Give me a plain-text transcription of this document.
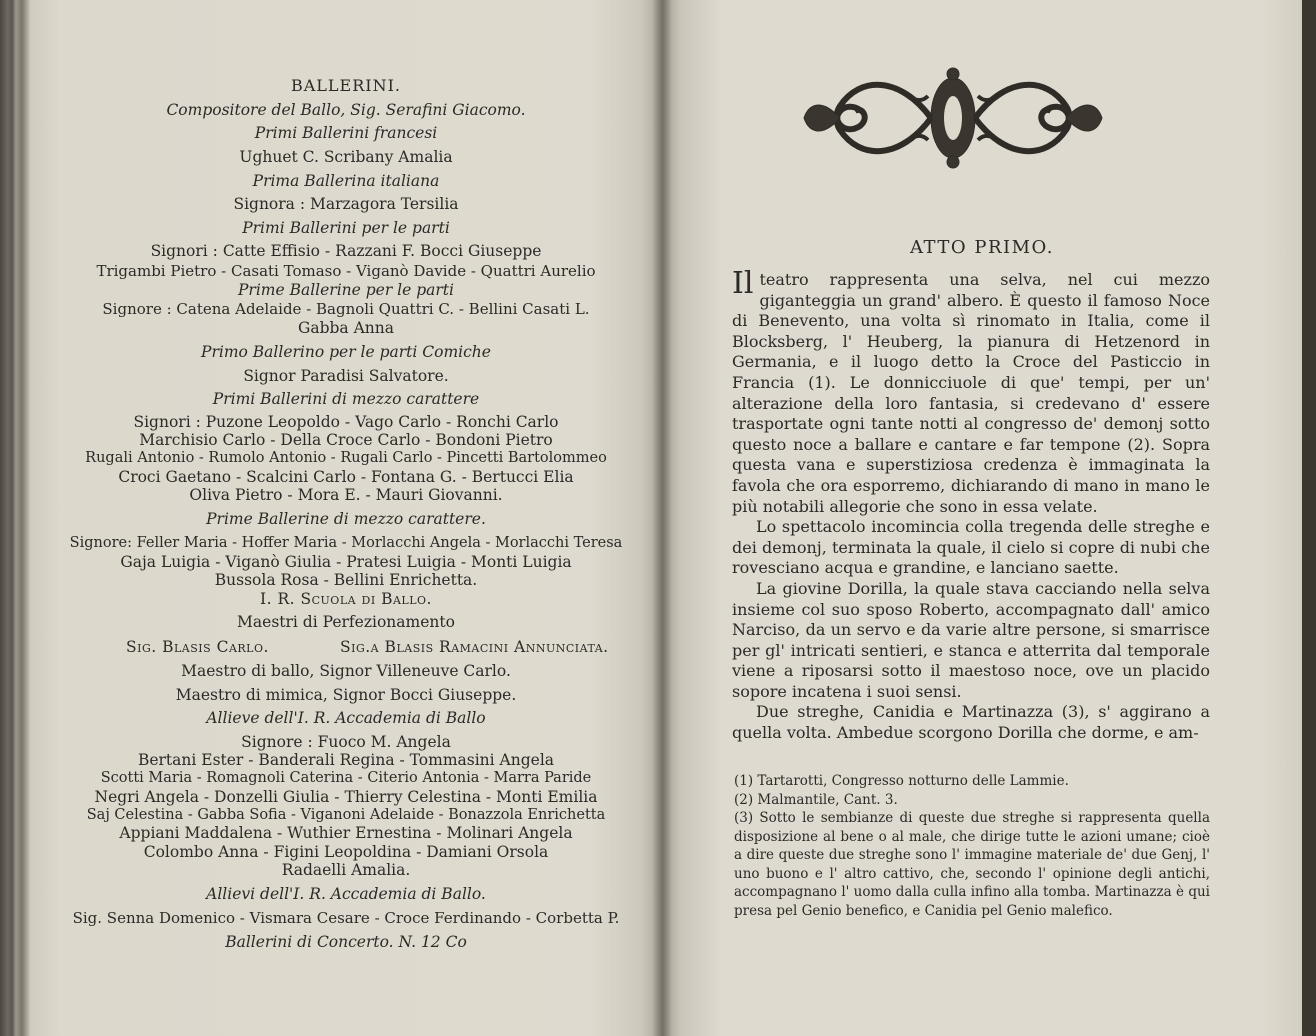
BALLERINI.
Compositore del Ballo, Sig. Serafini Giacomo.
Primi Ballerini francesi
Ughuet C. Scribany Amalia
Prima Ballerina italiana
Signora : Marzagora Tersilia
Primi Ballerini per le parti
Signori : Catte Effisio - Razzani F. Bocci Giuseppe
Trigambi Pietro - Casati Tomaso - Viganò Davide - Quattri Aurelio
Prime Ballerine per le parti
Signore : Catena Adelaide - Bagnoli Quattri C. - Bellini Casati L.
Gabba Anna
Primo Ballerino per le parti Comiche
Signor Paradisi Salvatore.
Primi Ballerini di mezzo carattere
Signori : Puzone Leopoldo - Vago Carlo - Ronchi Carlo
Marchisio Carlo - Della Croce Carlo - Bondoni Pietro
Rugali Antonio - Rumolo Antonio - Rugali Carlo - Pincetti Bartolommeo
Croci Gaetano - Scalcini Carlo - Fontana G. - Bertucci Elia
Oliva Pietro - Mora E. - Mauri Giovanni.
Prime Ballerine di mezzo carattere.
Signore: Feller Maria - Hoffer Maria - Morlacchi Angela - Morlacchi Teresa
Gaja Luigia - Viganò Giulia - Pratesi Luigia - Monti Luigia
Bussola Rosa - Bellini Enrichetta.
I. R. Scuola di Ballo.
Maestri di Perfezionamento
Sig. Blasis Carlo.	Sig.a Blasis Ramacini Annunciata.
Maestro di ballo, Signor Villeneuve Carlo.
Maestro di mimica, Signor Bocci Giuseppe.
Allieve dell'I. R. Accademia di Ballo
Signore : Fuoco M. Angela
Bertani Ester - Banderali Regina - Tommasini Angela
Scotti Maria - Romagnoli Caterina - Citerio Antonia - Marra Paride
Negri Angela - Donzelli Giulia - Thierry Celestina - Monti Emilia
Saj Celestina - Gabba Sofia - Viganoni Adelaide - Bonazzola Enrichetta
Appiani Maddalena - Wuthier Ernestina - Molinari Angela
Colombo Anna - Figini Leopoldina - Damiani Orsola
Radaelli Amalia.
Allievi dell'I. R. Accademia di Ballo.
Sig. Senna Domenico - Vismara Cesare - Croce Ferdinando - Corbetta P.
Ballerini di Concerto. N. 12 Co
ATTO PRIMO.

Il teatro rappresenta una selva, nel cui mezzo giganteggia un grand' albero. È questo il famoso Noce di Benevento, una volta sì rinomato in Italia, come il Blocksberg, l' Heuberg, la pianura di Hetzenord in Germania, e il luogo detto la Croce del Pasticcio in Francia (1). Le donnicciuole di que' tempi, per un' alterazione della loro fantasia, si credevano d' essere trasportate ogni tante notti al congresso de' demonj sotto questo noce a ballare e cantare e far tempone (2). Sopra questa vana e superstiziosa credenza è immaginata la favola che ora esporremo, dichiarando di mano in mano le più notabili allegorie che sono in essa velate.

Lo spettacolo incomincia colla tregenda delle streghe e dei demonj, terminata la quale, il cielo si copre di nubi che rovesciano acqua e grandine, e lanciano saette.

La giovine Dorilla, la quale stava cacciando nella selva insieme col suo sposo Roberto, accompagnato dall' amico Narciso, da un servo e da varie altre persone, si smarrisce per gl' intricati sentieri, e stanca e atterrita dal temporale viene a riposarsi sotto il maestoso noce, ove un placido sopore incatena i suoi sensi.

Due streghe, Canidia e Martinazza (3), s' aggirano a quella volta. Ambedue scorgono Dorilla che dorme, e am-

(1) Tartarotti, Congresso notturno delle Lammie.

(2) Malmantile, Cant. 3.

(3) Sotto le sembianze di queste due streghe si rappresenta quella disposizione al bene o al male, che dirige tutte le azioni umane; cioè a dire queste due streghe sono l' immagine materiale de' due Genj, l' uno buono e l' altro cattivo, che, secondo l' opinione degli antichi, accompagnano l' uomo dalla culla infino alla tomba. Martinazza è qui presa pel Genio benefico, e Canidia pel Genio malefico.
